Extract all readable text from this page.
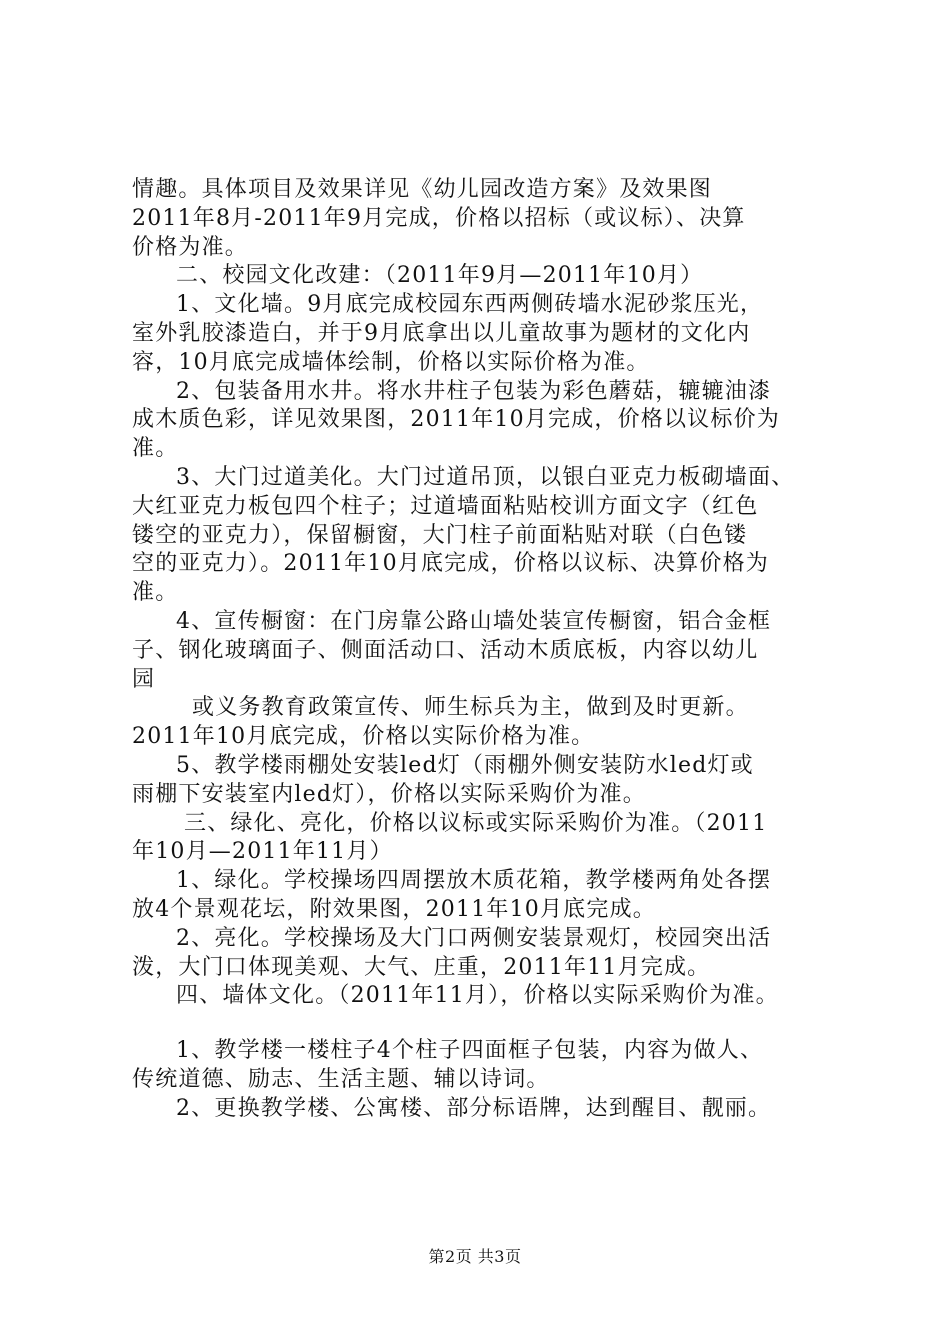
情趣。具体项目及效果详见《幼儿园改造方案》及效果图
2011年8月-2011年9月完成，价格以招标（或议标）、决算
价格为准。
二、校园文化改建：（2011年9月—2011年10月）
1、文化墙。9月底完成校园东西两侧砖墙水泥砂浆压光，
室外乳胶漆造白，并于9月底拿出以儿童故事为题材的文化内
容，10月底完成墙体绘制，价格以实际价格为准。
2、包装备用水井。将水井柱子包装为彩色蘑菇，辘辘油漆
成木质色彩，详见效果图，2011年10月完成，价格以议标价为
准。
3、大门过道美化。大门过道吊顶，以银白亚克力板砌墙面、
大红亚克力板包四个柱子；过道墙面粘贴校训方面文字（红色
镂空的亚克力），保留橱窗，大门柱子前面粘贴对联（白色镂
空的亚克力）。2011年10月底完成，价格以议标、决算价格为
准。
4、宣传橱窗：在门房靠公路山墙处装宣传橱窗，铝合金框
子、钢化玻璃面子、侧面活动口、活动木质底板，内容以幼儿
园
或义务教育政策宣传、师生标兵为主，做到及时更新。
2011年10月底完成，价格以实际价格为准。
5、教学楼雨棚处安装led灯（雨棚外侧安装防水led灯或
雨棚下安装室内led灯），价格以实际采购价为准。
三、绿化、亮化，价格以议标或实际采购价为准。（2011
年10月—2011年11月）
1、绿化。学校操场四周摆放木质花箱，教学楼两角处各摆
放4个景观花坛，附效果图，2011年10月底完成。
2、亮化。学校操场及大门口两侧安装景观灯，校园突出活
泼，大门口体现美观、大气、庄重，2011年11月完成。
四、墙体文化。（2011年11月），价格以实际采购价为准。
1、教学楼一楼柱子4个柱子四面框子包装，内容为做人、
传统道德、励志、生活主题、辅以诗词。
2、更换教学楼、公寓楼、部分标语牌，达到醒目、靓丽。
第2页 共3页
